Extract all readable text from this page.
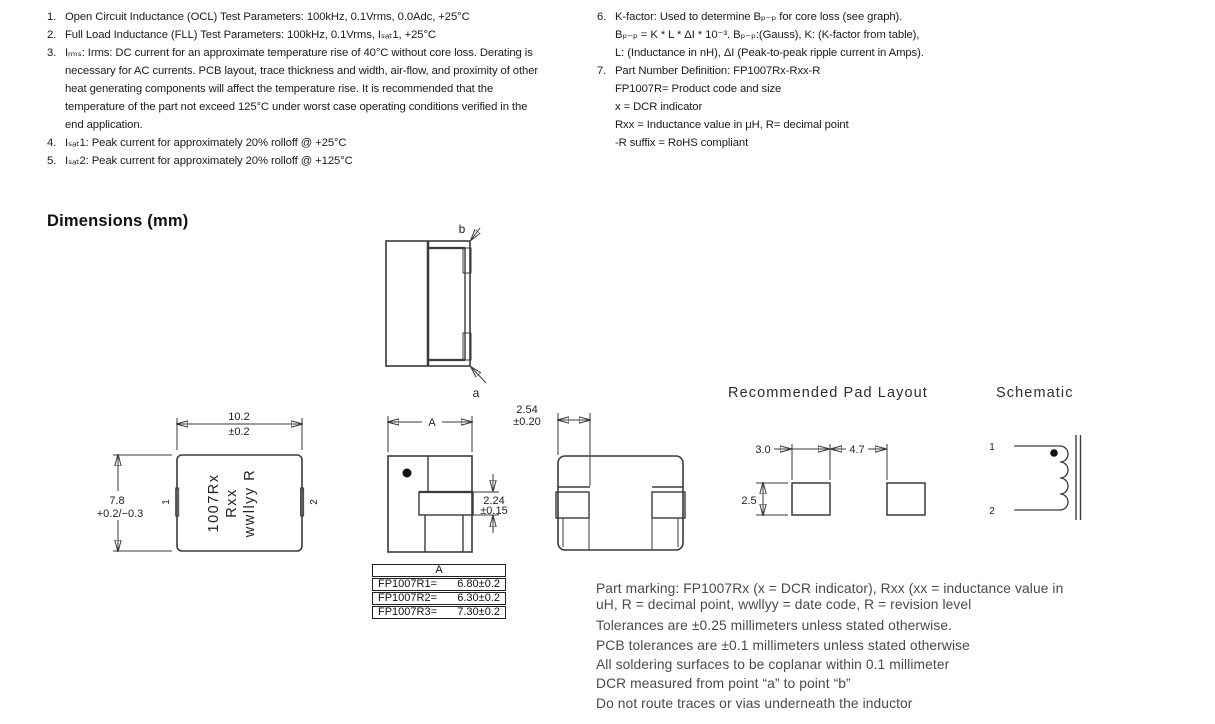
1. Open Circuit Inductance (OCL) Test Parameters: 100kHz, 0.1Vrms, 0.0Adc, +25°C
2. Full Load Inductance (FLL) Test Parameters: 100kHz, 0.1Vrms, Iₛₐₜ1, +25°C
3. Iᵣₘₛ: Irms: DC current for an approximate temperature rise of 40°C without core loss. Derating is
necessary for AC currents. PCB layout, trace thickness and width, air-flow, and proximity of other
heat generating components will affect the temperature rise. It is recommended that the
temperature of the part not exceed 125°C under worst case operating conditions verified in the
end application.
4. Iₛₐₜ1: Peak current for approximately 20% rolloff @ +25°C
5. Iₛₐₜ2: Peak current for approximately 20% rolloff @ +125°C
6. K-factor: Used to determine Bₚ₋ₚ for core loss (see graph).
Bₚ₋ₚ = K * L * ΔI * 10⁻³. Bₚ₋ₚ:(Gauss), K: (K-factor from table),
L: (Inductance in nH), ΔI (Peak-to-peak ripple current in Amps).
7. Part Number Definition: FP1007Rx-Rxx-R
FP1007R= Product code and size
x = DCR indicator
Rxx = Inductance value in μH, R= decimal point
-R suffix = RoHS compliant
Dimensions (mm)	b
a
10.2
±0.2
7.8
+0.2/−0.3
1	2
1007Rx Rxx wwllyy R
A
2.24
±0.15
2.54
±0.20
Recommended Pad Layout
3.0	4.7
2.5
Schematic
1
2
A
FP1007R1= 6.80±0.2
FP1007R2= 6.30±0.2
FP1007R3= 7.30±0.2
Part marking: FP1007Rx (x = DCR indicator), Rxx (xx = inductance value in
uH, R = decimal point, wwllyy = date code, R = revision level
Tolerances are ±0.25 millimeters unless stated otherwise.
PCB tolerances are ±0.1 millimeters unless stated otherwise
All soldering surfaces to be coplanar within 0.1 millimeter
DCR measured from point “a” to point “b”
Do not route traces or vias underneath the inductor
